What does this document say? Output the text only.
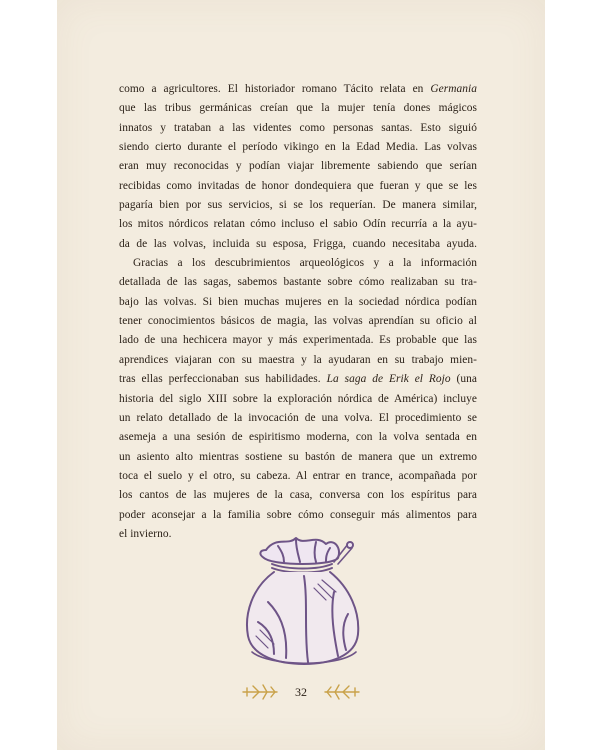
como a agricultores. El historiador romano Tácito relata en Germania
que las tribus germánicas creían que la mujer tenía dones mágicos
innatos y trataban a las videntes como personas santas. Esto siguió
siendo cierto durante el período vikingo en la Edad Media. Las volvas
eran muy reconocidas y podían viajar libremente sabiendo que serían
recibidas como invitadas de honor dondequiera que fueran y que se les
pagaría bien por sus servicios, si se los requerían. De manera similar,
los mitos nórdicos relatan cómo incluso el sabio Odín recurría a la ayu-
da de las volvas, incluida su esposa, Frigga, cuando necesitaba ayuda.
Gracias a los descubrimientos arqueológicos y a la información
detallada de las sagas, sabemos bastante sobre cómo realizaban su tra-
bajo las volvas. Si bien muchas mujeres en la sociedad nórdica podían
tener conocimientos básicos de magia, las volvas aprendían su oficio al
lado de una hechicera mayor y más experimentada. Es probable que las
aprendices viajaran con su maestra y la ayudaran en su trabajo mien-
tras ellas perfeccionaban sus habilidades. La saga de Erik el Rojo (una
historia del siglo XIII sobre la exploración nórdica de América) incluye
un relato detallado de la invocación de una volva. El procedimiento se
asemeja a una sesión de espiritismo moderna, con la volva sentada en
un asiento alto mientras sostiene su bastón de manera que un extremo
toca el suelo y el otro, su cabeza. Al entrar en trance, acompañada por
los cantos de las mujeres de la casa, conversa con los espíritus para
poder aconsejar a la familia sobre cómo conseguir más alimentos para
el invierno.
32
